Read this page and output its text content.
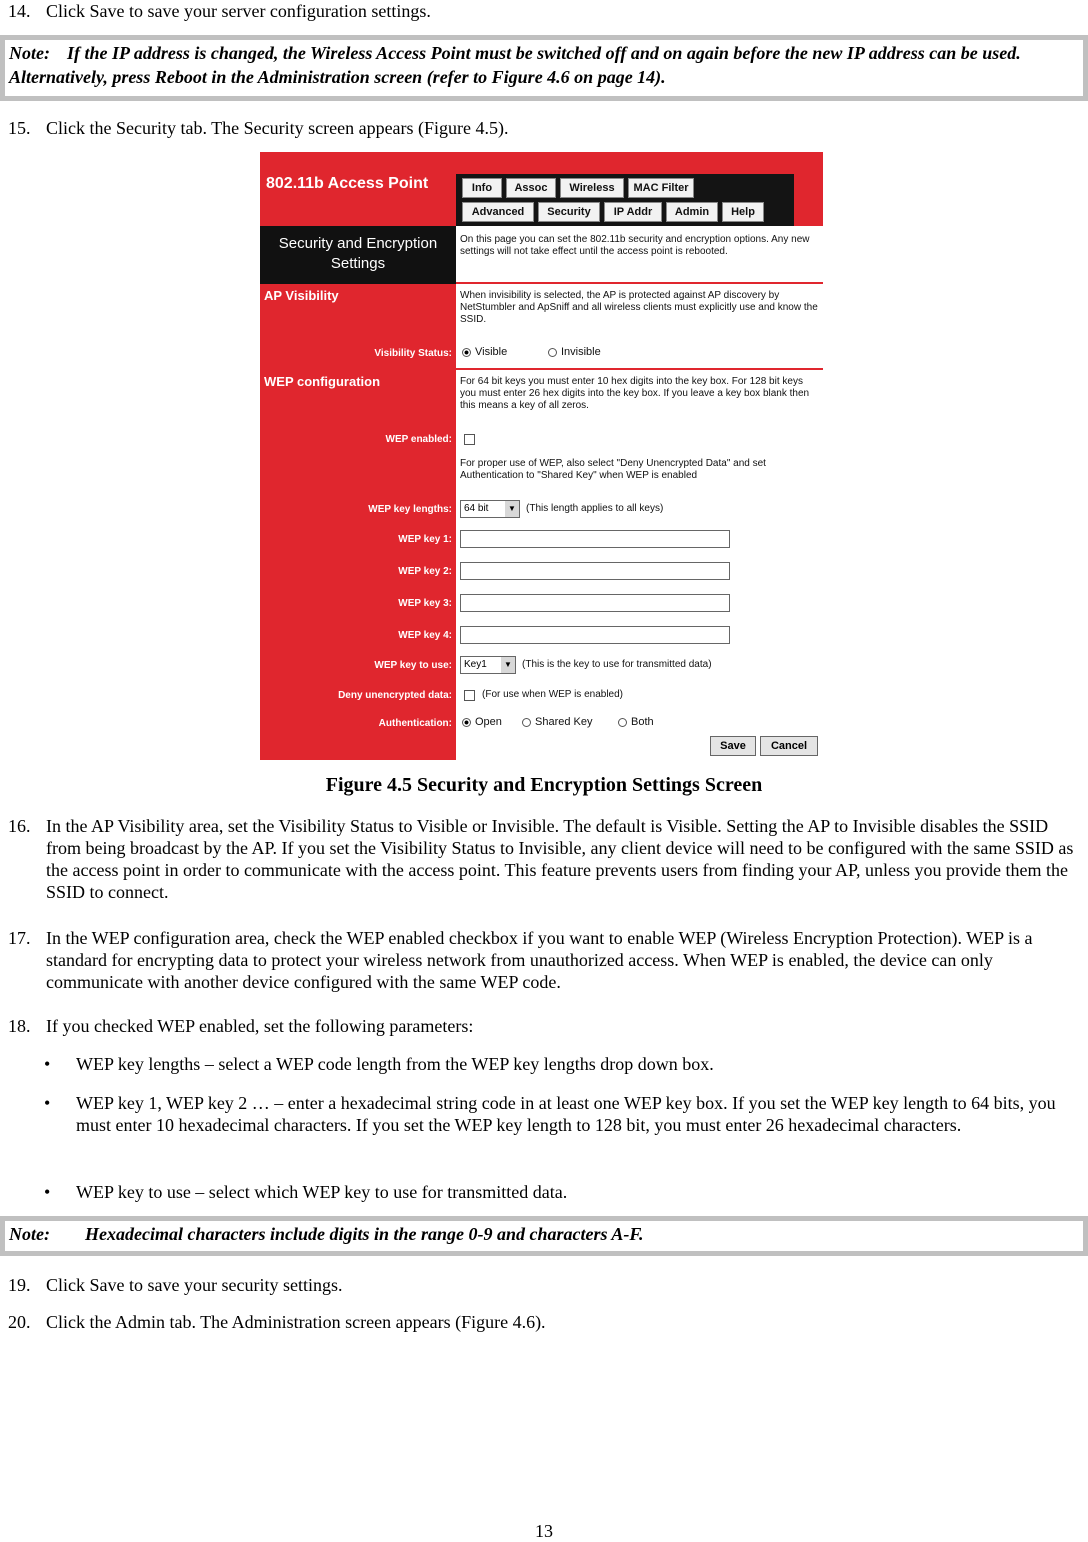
14. Click Save to save your server configuration settings.
Note: If the IP address is changed, the Wireless Access Point must be switched off and on again before the new IP address can be used. Alternatively, press Reboot in the Administration screen (refer to Figure 4.6 on page 14).
15. Click the Security tab. The Security screen appears (Figure 4.5).
802.11b Access Point	Info	Assoc	Wireless	MAC Filter
Advanced	Security	IP Addr	Admin	Help
Security and Encryption Settings
On this page you can set the 802.11b security and encryption options. Any new settings will not take effect until the access point is rebooted.
AP Visibility	When invisibility is selected, the AP is protected against AP discovery by NetStumbler and ApSniff and all wireless clients must explicitly use and know the SSID.
Visibility Status:	Visible	Invisible
WEP configuration	For 64 bit keys you must enter 10 hex digits into the key box. For 128 bit keys you must enter 26 hex digits into the key box. If you leave a key box blank then this means a key of all zeros.
WEP enabled:
For proper use of WEP, also select "Deny Unencrypted Data" and set Authentication to "Shared Key" when WEP is enabled
WEP key lengths:	64 bit	▼	(This length applies to all keys)
WEP key 1:
WEP key 2:
WEP key 3:
WEP key 4:
WEP key to use:	Key1	▼	(This is the key to use for transmitted data)
Deny unencrypted data:	(For use when WEP is enabled)
Authentication:	Open	Shared Key	Both
Save	Cancel
Figure 4.5 Security and Encryption Settings Screen
16. In the AP Visibility area, set the Visibility Status to Visible or Invisible. The default is Visible. Setting the AP to Invisible disables the SSID from being broadcast by the AP. If you set the Visibility Status to Invisible, any client device will need to be configured with the same SSID as the access point in order to communicate with the access point. This feature prevents users from finding your AP, unless you provide them the SSID to connect.
17. In the WEP configuration area, check the WEP enabled checkbox if you want to enable WEP (Wireless Encryption Protection). WEP is a standard for encrypting data to protect your wireless network from unauthorized access. When WEP is enabled, the device can only communicate with another device configured with the same WEP code.
18. If you checked WEP enabled, set the following parameters:
• WEP key lengths – select a WEP code length from the WEP key lengths drop down box.
• WEP key 1, WEP key 2 … – enter a hexadecimal string code in at least one WEP key box. If you set the WEP key length to 64 bits, you must enter 10 hexadecimal characters. If you set the WEP key length to 128 bit, you must enter 26 hexadecimal characters.
• WEP key to use – select which WEP key to use for transmitted data.
Note: Hexadecimal characters include digits in the range 0-9 and characters A-F.
19. Click Save to save your security settings.
20. Click the Admin tab. The Administration screen appears (Figure 4.6).
13
